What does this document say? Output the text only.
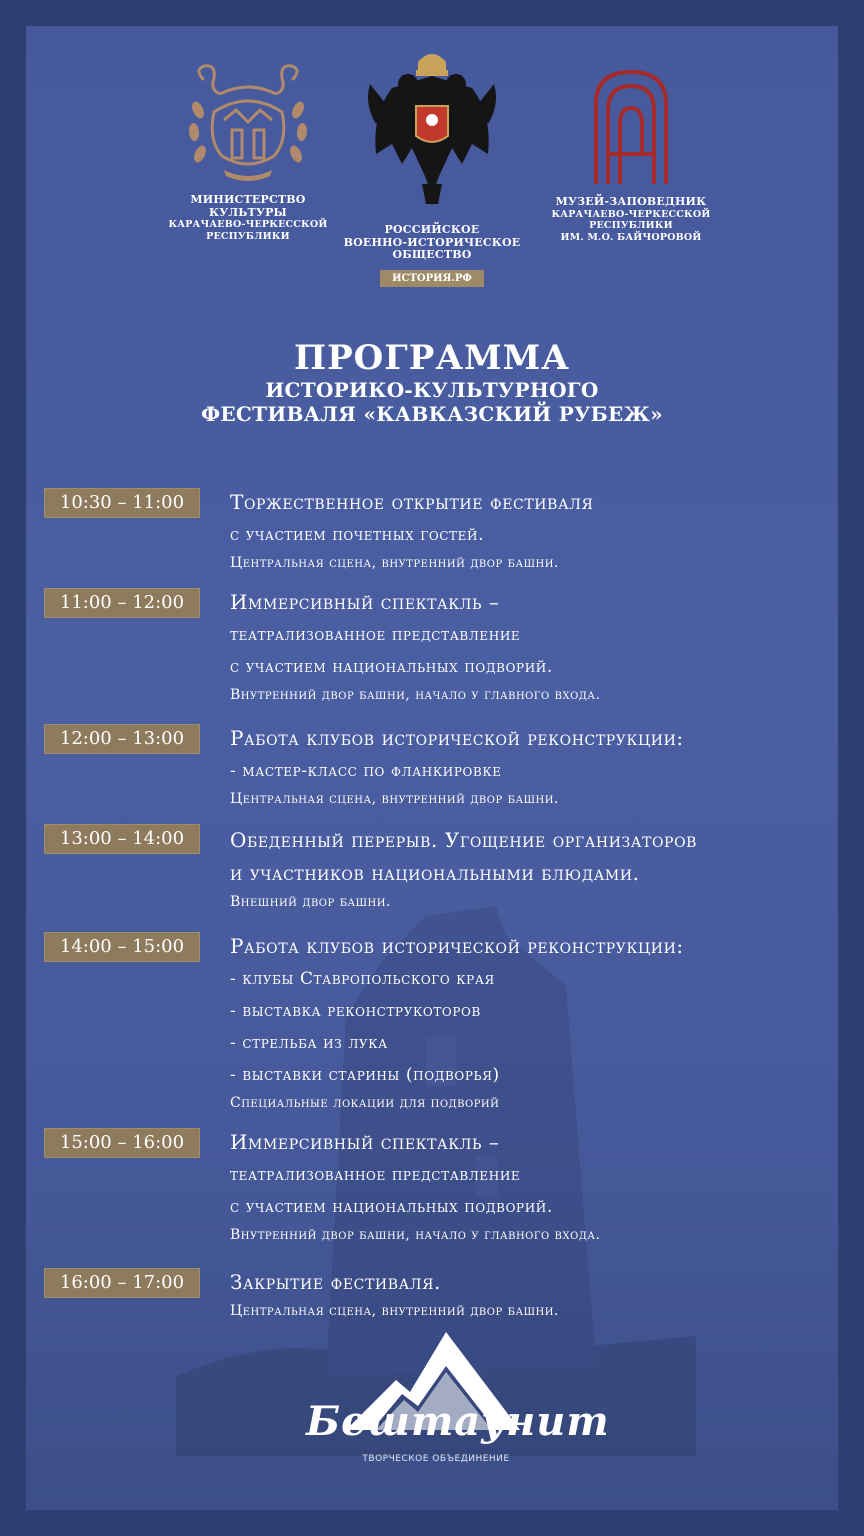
МИНИСТЕРСТВО
КУЛЬТУРЫ
КАРАЧАЕВО-ЧЕРКЕССКОЙ
РЕСПУБЛИКИ	РОССИЙСКОЕ
ВОЕННО-ИСТОРИЧЕСКОЕ
ОБЩЕСТВО
ИСТОРИЯ.РФ
МУЗЕЙ-ЗАПОВЕДНИК
КАРАЧАЕВО-ЧЕРКЕССКОЙ
РЕСПУБЛИКИ
ИМ. М.О. БАЙЧОРОВОЙ
ПРОГРАММА
ИСТОРИКО-КУЛЬТУРНОГО
ФЕСТИВАЛЯ «КАВКАЗСКИЙ РУБЕЖ»
10:30 – 11:00	Торжественное открытие фестиваля
с участием почетных гостей.
Центральная сцена, внутренний двор башни.
11:00 – 12:00	Иммерсивный спектакль –
театрализованное представление
с участием национальных подворий.
Внутренний двор башни, начало у главного входа.
12:00 – 13:00	Работа клубов исторической реконструкции:
- мастер-класс по фланкировке
Центральная сцена, внутренний двор башни.
13:00 – 14:00	Обеденный перерыв. Угощение организаторов
и участников национальными блюдами.
Внешний двор башни.
14:00 – 15:00	Работа клубов исторической реконструкции:
- клубы Ставропольского края
- выставка реконструкоторов
- стрельба из лука
- выставки старины (подворья)
Специальные локации для подворий
15:00 – 16:00	Иммерсивный спектакль –
театрализованное представление
с участием национальных подворий.
Внутренний двор башни, начало у главного входа.
16:00 – 17:00	Закрытие фестиваля.
Центральная сцена, внутренний двор башни.
Бештаунит
ТВОРЧЕСКОЕ ОБЪЕДИНЕНИЕ
